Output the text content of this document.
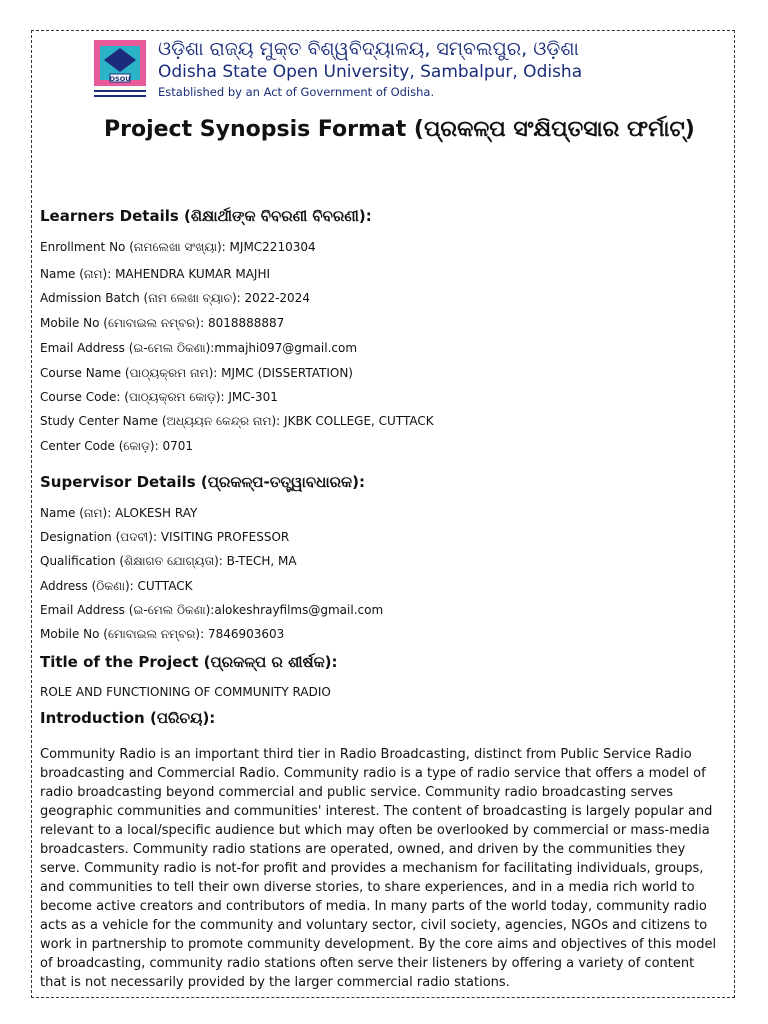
OSOU
ଓଡ଼ିଶା ରାଜ୍ୟ ମୁକ୍ତ ବିଶ୍ୱବିଦ୍ୟାଳୟ, ସମ୍ବଲପୁର, ଓଡ଼ିଶା
Odisha State Open University, Sambalpur, Odisha
Established by an Act of Government of Odisha.
Project Synopsis Format (ପ୍ରକଳ୍ପ ସଂକ୍ଷିପ୍ତସାର ଫର୍ମାଟ୍)
Learners Details (ଶିକ୍ଷାର୍ଥୀଙ୍କ ବିବରଣୀ ବିବରଣୀ):
Enrollment No (ନାମଲେଖା ସଂଖ୍ୟା): MJMC2210304
Name (ନାମ): MAHENDRA KUMAR MAJHI
Admission Batch (ନାମ ଲେଖା ବ୍ୟାଚ): 2022-2024
Mobile No (ମୋବାଇଲ ନମ୍ବର): 8018888887
Email Address (ଇ-ମେଲ ଠିକଣା):mmajhi097@gmail.com
Course Name (ପାଠ୍ୟକ୍ରମ ନାମ): MJMC (DISSERTATION)
Course Code: (ପାଠ୍ୟକ୍ରମ କୋଡ଼): JMC-301
Study Center Name (ଅଧ୍ୟୟନ କେନ୍ଦ୍ର ନାମ): JKBK COLLEGE, CUTTACK
Center Code (କୋଡ଼): 0701
Supervisor Details (ପ୍ରକଳ୍ପ-ତତ୍ତ୍ୱାବଧାରକ):
Name (ନାମ): ALOKESH RAY
Designation (ପଦବୀ): VISITING PROFESSOR
Qualification (ଶିକ୍ଷାଗତ ଯୋଗ୍ୟତା): B-TECH, MA
Address (ଠିକଣା): CUTTACK
Email Address (ଇ-ମେଲ ଠିକଣା):alokeshrayfilms@gmail.com
Mobile No (ମୋବାଇଲ ନମ୍ବର): 7846903603
Title of the Project (ପ୍ରକଳ୍ପ ର ଶୀର୍ଷକ):
ROLE AND FUNCTIONING OF COMMUNITY RADIO
Introduction (ପରିଚୟ):
Community Radio is an important third tier in Radio Broadcasting, distinct from Public Service Radio broadcasting and Commercial Radio. Community radio is a type of radio service that offers a model of radio broadcasting beyond commercial and public service. Community radio broadcasting serves geographic communities and communities' interest. The content of broadcasting is largely popular and relevant to a local/specific audience but which may often be overlooked by commercial or mass-media broadcasters. Community radio stations are operated, owned, and driven by the communities they serve. Community radio is not-for profit and provides a mechanism for facilitating individuals, groups, and communities to tell their own diverse stories, to share experiences, and in a media rich world to become active creators and contributors of media. In many parts of the world today, community radio acts as a vehicle for the community and voluntary sector, civil society, agencies, NGOs and citizens to work in partnership to promote community development. By the core aims and objectives of this model of broadcasting, community radio stations often serve their listeners by offering a variety of content that is not necessarily provided by the larger commercial radio stations.
